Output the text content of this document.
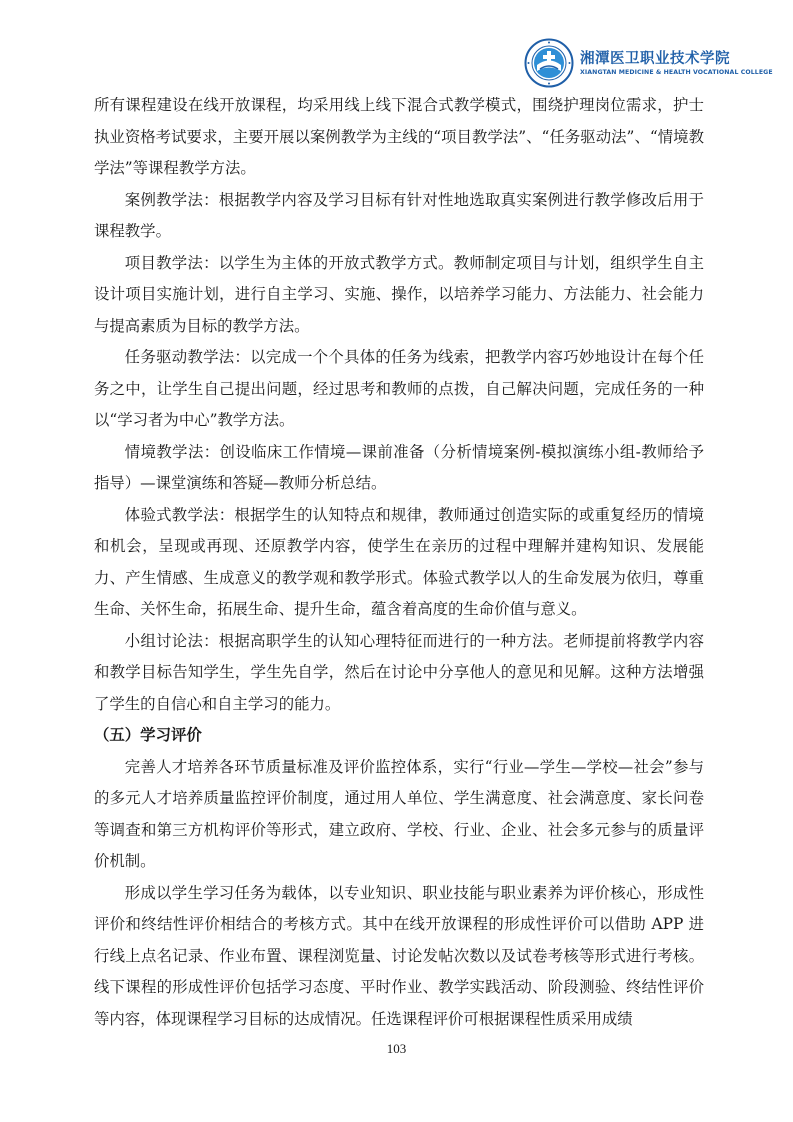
湘潭医卫职业技术学院
XIANGTAN MEDICINE & HEALTH VOCATIONAL COLLEGE

所有课程建设在线开放课程，均采用线上线下混合式教学模式，围绕护理岗位需求，护士执业资格考试要求，主要开展以案例教学为主线的“项目教学法”、“任务驱动法”、“情境教学法”等课程教学方法。

案例教学法：根据教学内容及学习目标有针对性地选取真实案例进行教学修改后用于课程教学。

项目教学法：以学生为主体的开放式教学方式。教师制定项目与计划，组织学生自主设计项目实施计划，进行自主学习、实施、操作，以培养学习能力、方法能力、社会能力与提高素质为目标的教学方法。

任务驱动教学法：以完成一个个具体的任务为线索，把教学内容巧妙地设计在每个任务之中，让学生自己提出问题，经过思考和教师的点拨，自己解决问题，完成任务的一种以“学习者为中心”教学方法。

情境教学法：创设临床工作情境—课前准备（分析情境案例-模拟演练小组-教师给予指导）—课堂演练和答疑—教师分析总结。

体验式教学法：根据学生的认知特点和规律，教师通过创造实际的或重复经历的情境和机会，呈现或再现、还原教学内容，使学生在亲历的过程中理解并建构知识、发展能力、产生情感、生成意义的教学观和教学形式。体验式教学以人的生命发展为依归，尊重生命、关怀生命，拓展生命、提升生命，蕴含着高度的生命价值与意义。

小组讨论法：根据高职学生的认知心理特征而进行的一种方法。老师提前将教学内容和教学目标告知学生，学生先自学，然后在讨论中分享他人的意见和见解。这种方法增强了学生的自信心和自主学习的能力。

（五）学习评价

完善人才培养各环节质量标准及评价监控体系，实行“行业—学生—学校—社会”参与的多元人才培养质量监控评价制度，通过用人单位、学生满意度、社会满意度、家长问卷等调查和第三方机构评价等形式，建立政府、学校、行业、企业、社会多元参与的质量评价机制。

形成以学生学习任务为载体，以专业知识、职业技能与职业素养为评价核心，形成性评价和终结性评价相结合的考核方式。其中在线开放课程的形成性评价可以借助 APP 进行线上点名记录、作业布置、课程浏览量、讨论发帖次数以及试卷考核等形式进行考核。线下课程的形成性评价包括学习态度、平时作业、教学实践活动、阶段测验、终结性评价等内容，体现课程学习目标的达成情况。任选课程评价可根据课程性质采用成绩

103
